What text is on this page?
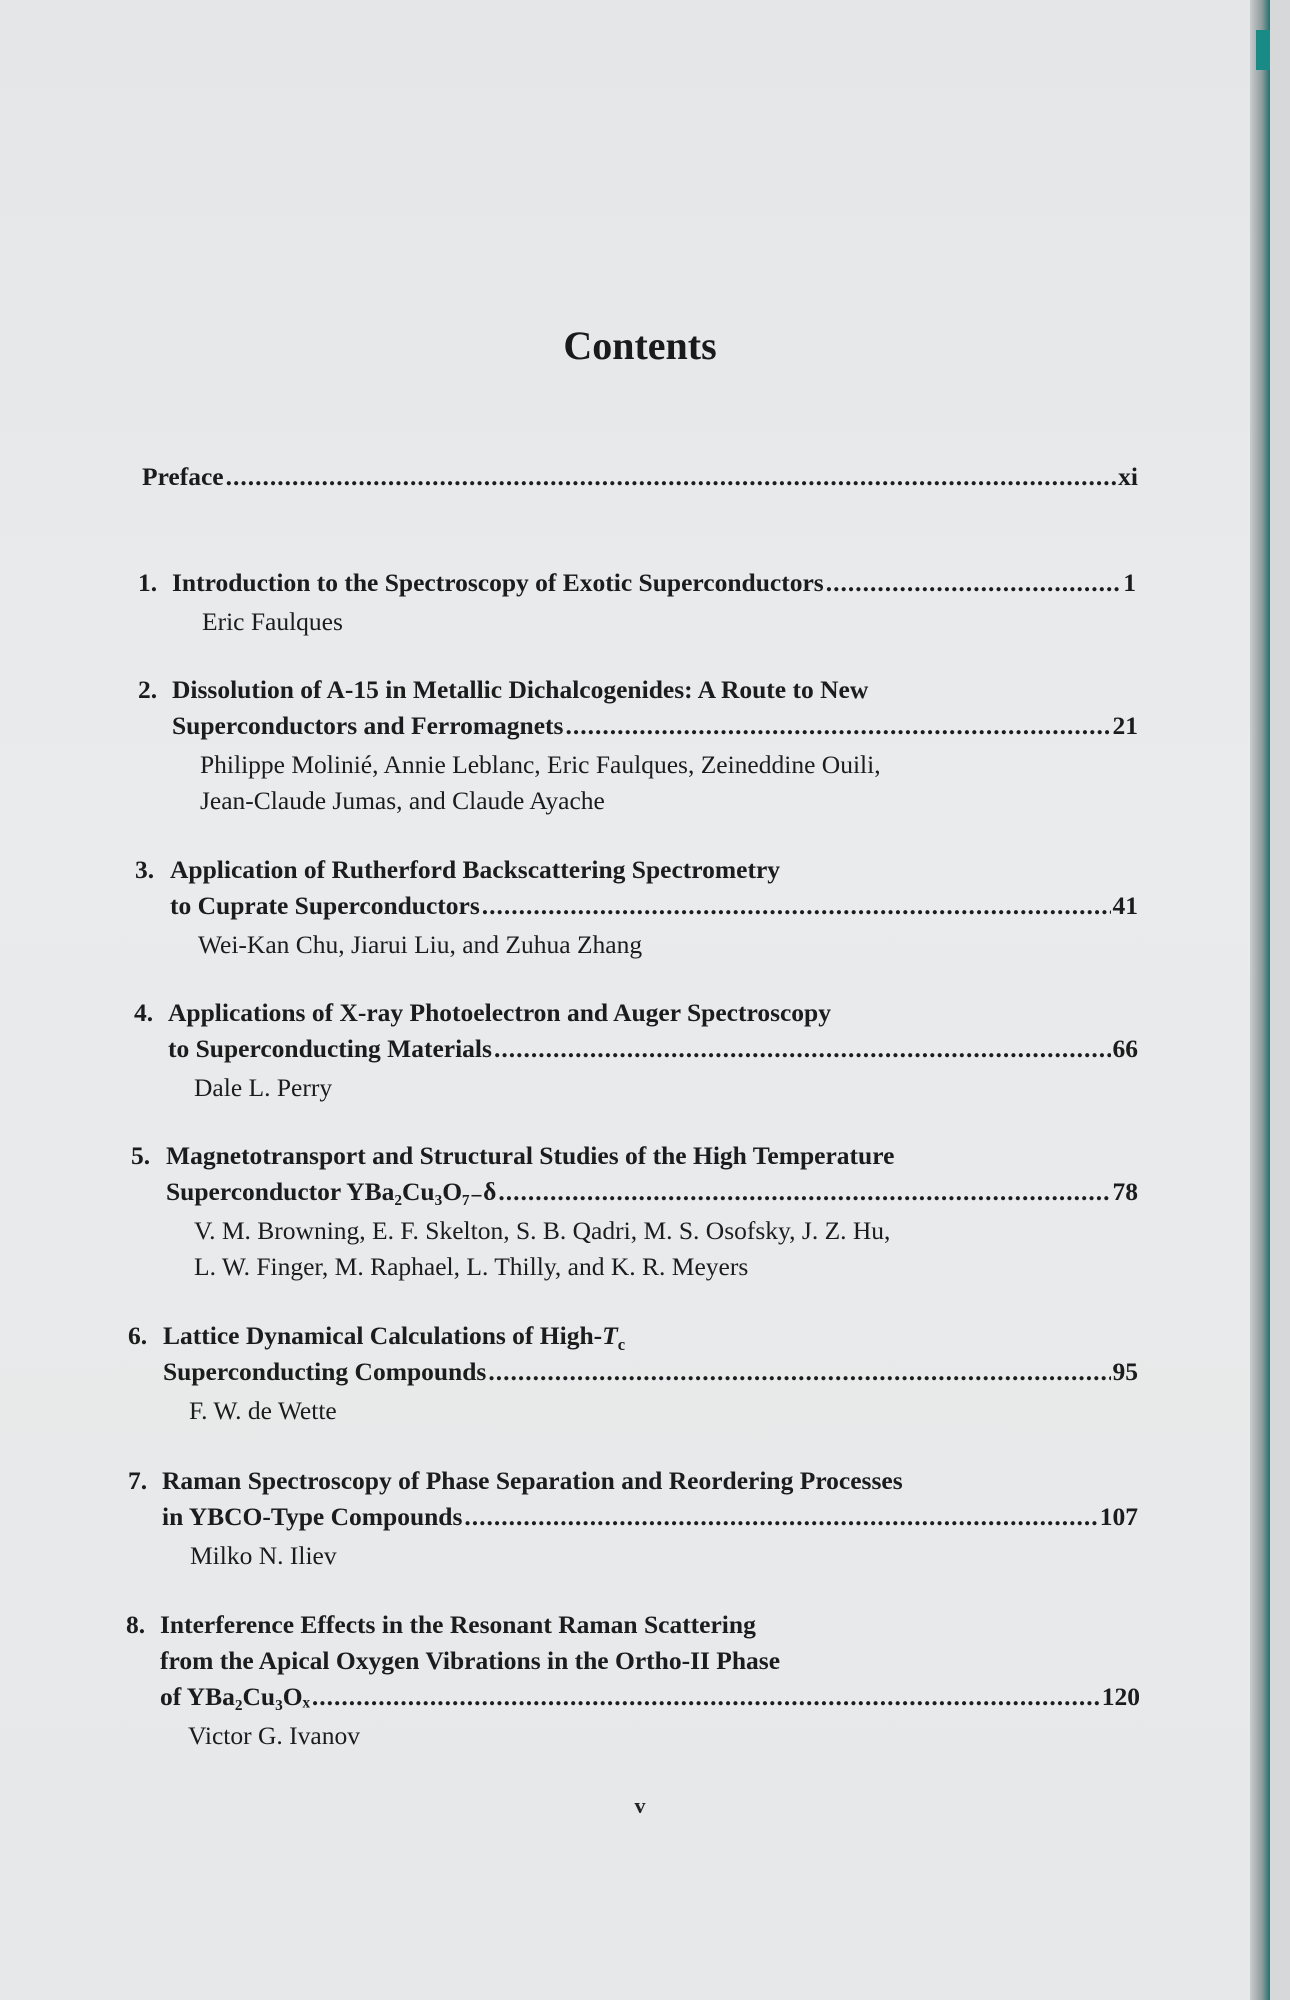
Contents
Preface .....	xi
1. Introduction to the Spectroscopy of Exotic Superconductors .....	1
Eric Faulques
2. Dissolution of A-15 in Metallic Dichalcogenides: A Route to New
Superconductors and Ferromagnets .....	21
Philippe Molinié, Annie Leblanc, Eric Faulques, Zeineddine Ouili,
Jean-Claude Jumas, and Claude Ayache
3. Application of Rutherford Backscattering Spectrometry
to Cuprate Superconductors .....	41
Wei-Kan Chu, Jiarui Liu, and Zuhua Zhang
4. Applications of X-ray Photoelectron and Auger Spectroscopy
to Superconducting Materials .....	66
Dale L. Perry
5. Magnetotransport and Structural Studies of the High Temperature
Superconductor YBa₂Cu₃O₇₋δ .....	78
V. M. Browning, E. F. Skelton, S. B. Qadri, M. S. Osofsky, J. Z. Hu,
L. W. Finger, M. Raphael, L. Thilly, and K. R. Meyers
6. Lattice Dynamical Calculations of High-$T_c$
Superconducting Compounds .....	95
F. W. de Wette
7. Raman Spectroscopy of Phase Separation and Reordering Processes
in YBCO-Type Compounds .....	107
Milko N. Iliev
8. Interference Effects in the Resonant Raman Scattering
from the Apical Oxygen Vibrations in the Ortho-II Phase
of YBa₂Cu₃Oₓ .....	120
Victor G. Ivanov
v
